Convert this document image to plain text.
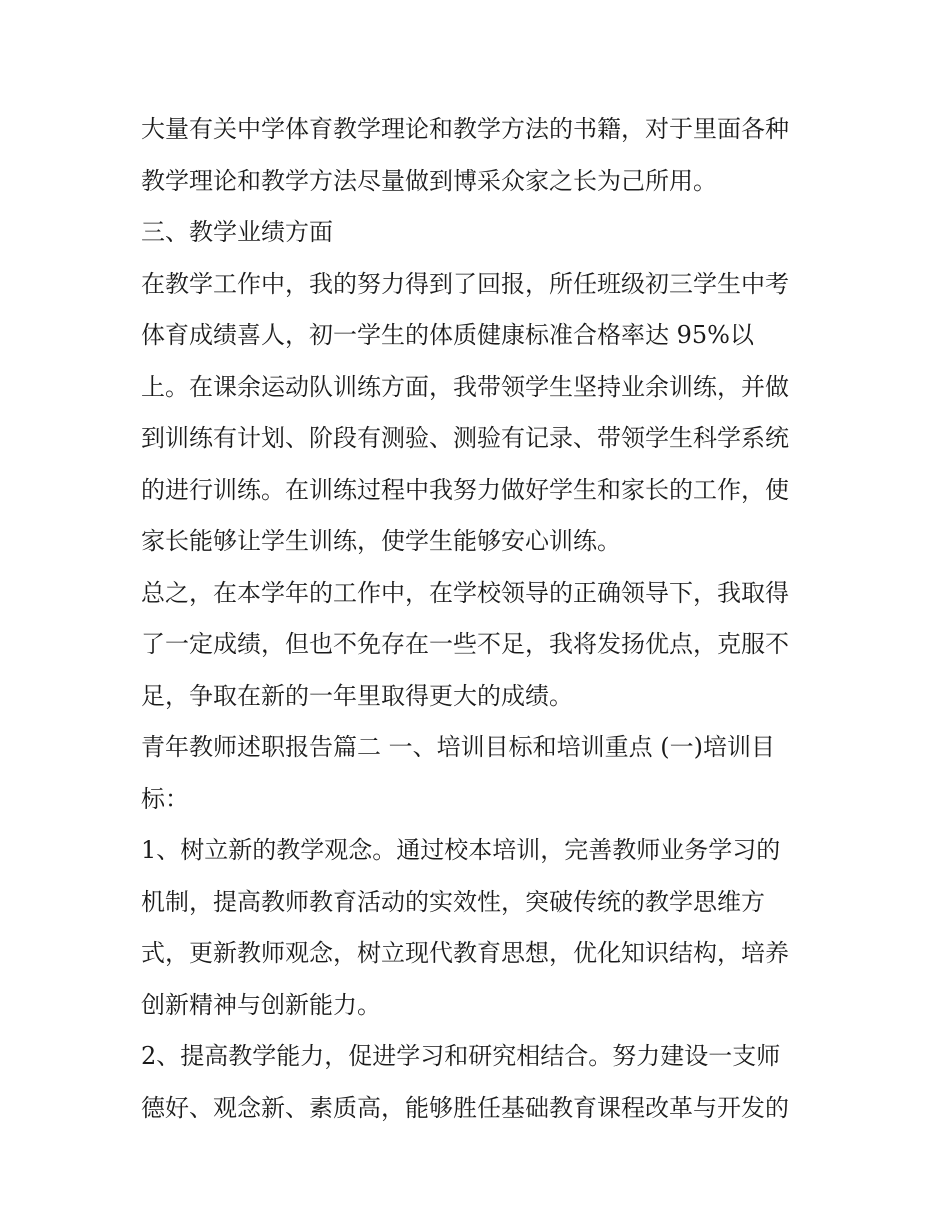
大量有关中学体育教学理论和教学方法的书籍，对于里面各种
教学理论和教学方法尽量做到博采众家之长为己所用。
三、教学业绩方面
在教学工作中，我的努力得到了回报，所任班级初三学生中考
体育成绩喜人，初一学生的体质健康标准合格率达 95%以
上。在课余运动队训练方面，我带领学生坚持业余训练，并做
到训练有计划、阶段有测验、测验有记录、带领学生科学系统
的进行训练。在训练过程中我努力做好学生和家长的工作，使
家长能够让学生训练，使学生能够安心训练。
总之，在本学年的工作中，在学校领导的正确领导下，我取得
了一定成绩，但也不免存在一些不足，我将发扬优点，克服不
足，争取在新的一年里取得更大的成绩。
青年教师述职报告篇二 一、培训目标和培训重点 (一)培训目
标：
1、树立新的教学观念。通过校本培训，完善教师业务学习的
机制，提高教师教育活动的实效性，突破传统的教学思维方
式，更新教师观念，树立现代教育思想，优化知识结构，培养
创新精神与创新能力。
2、提高教学能力，促进学习和研究相结合。努力建设一支师
德好、观念新、素质高，能够胜任基础教育课程改革与开发的
